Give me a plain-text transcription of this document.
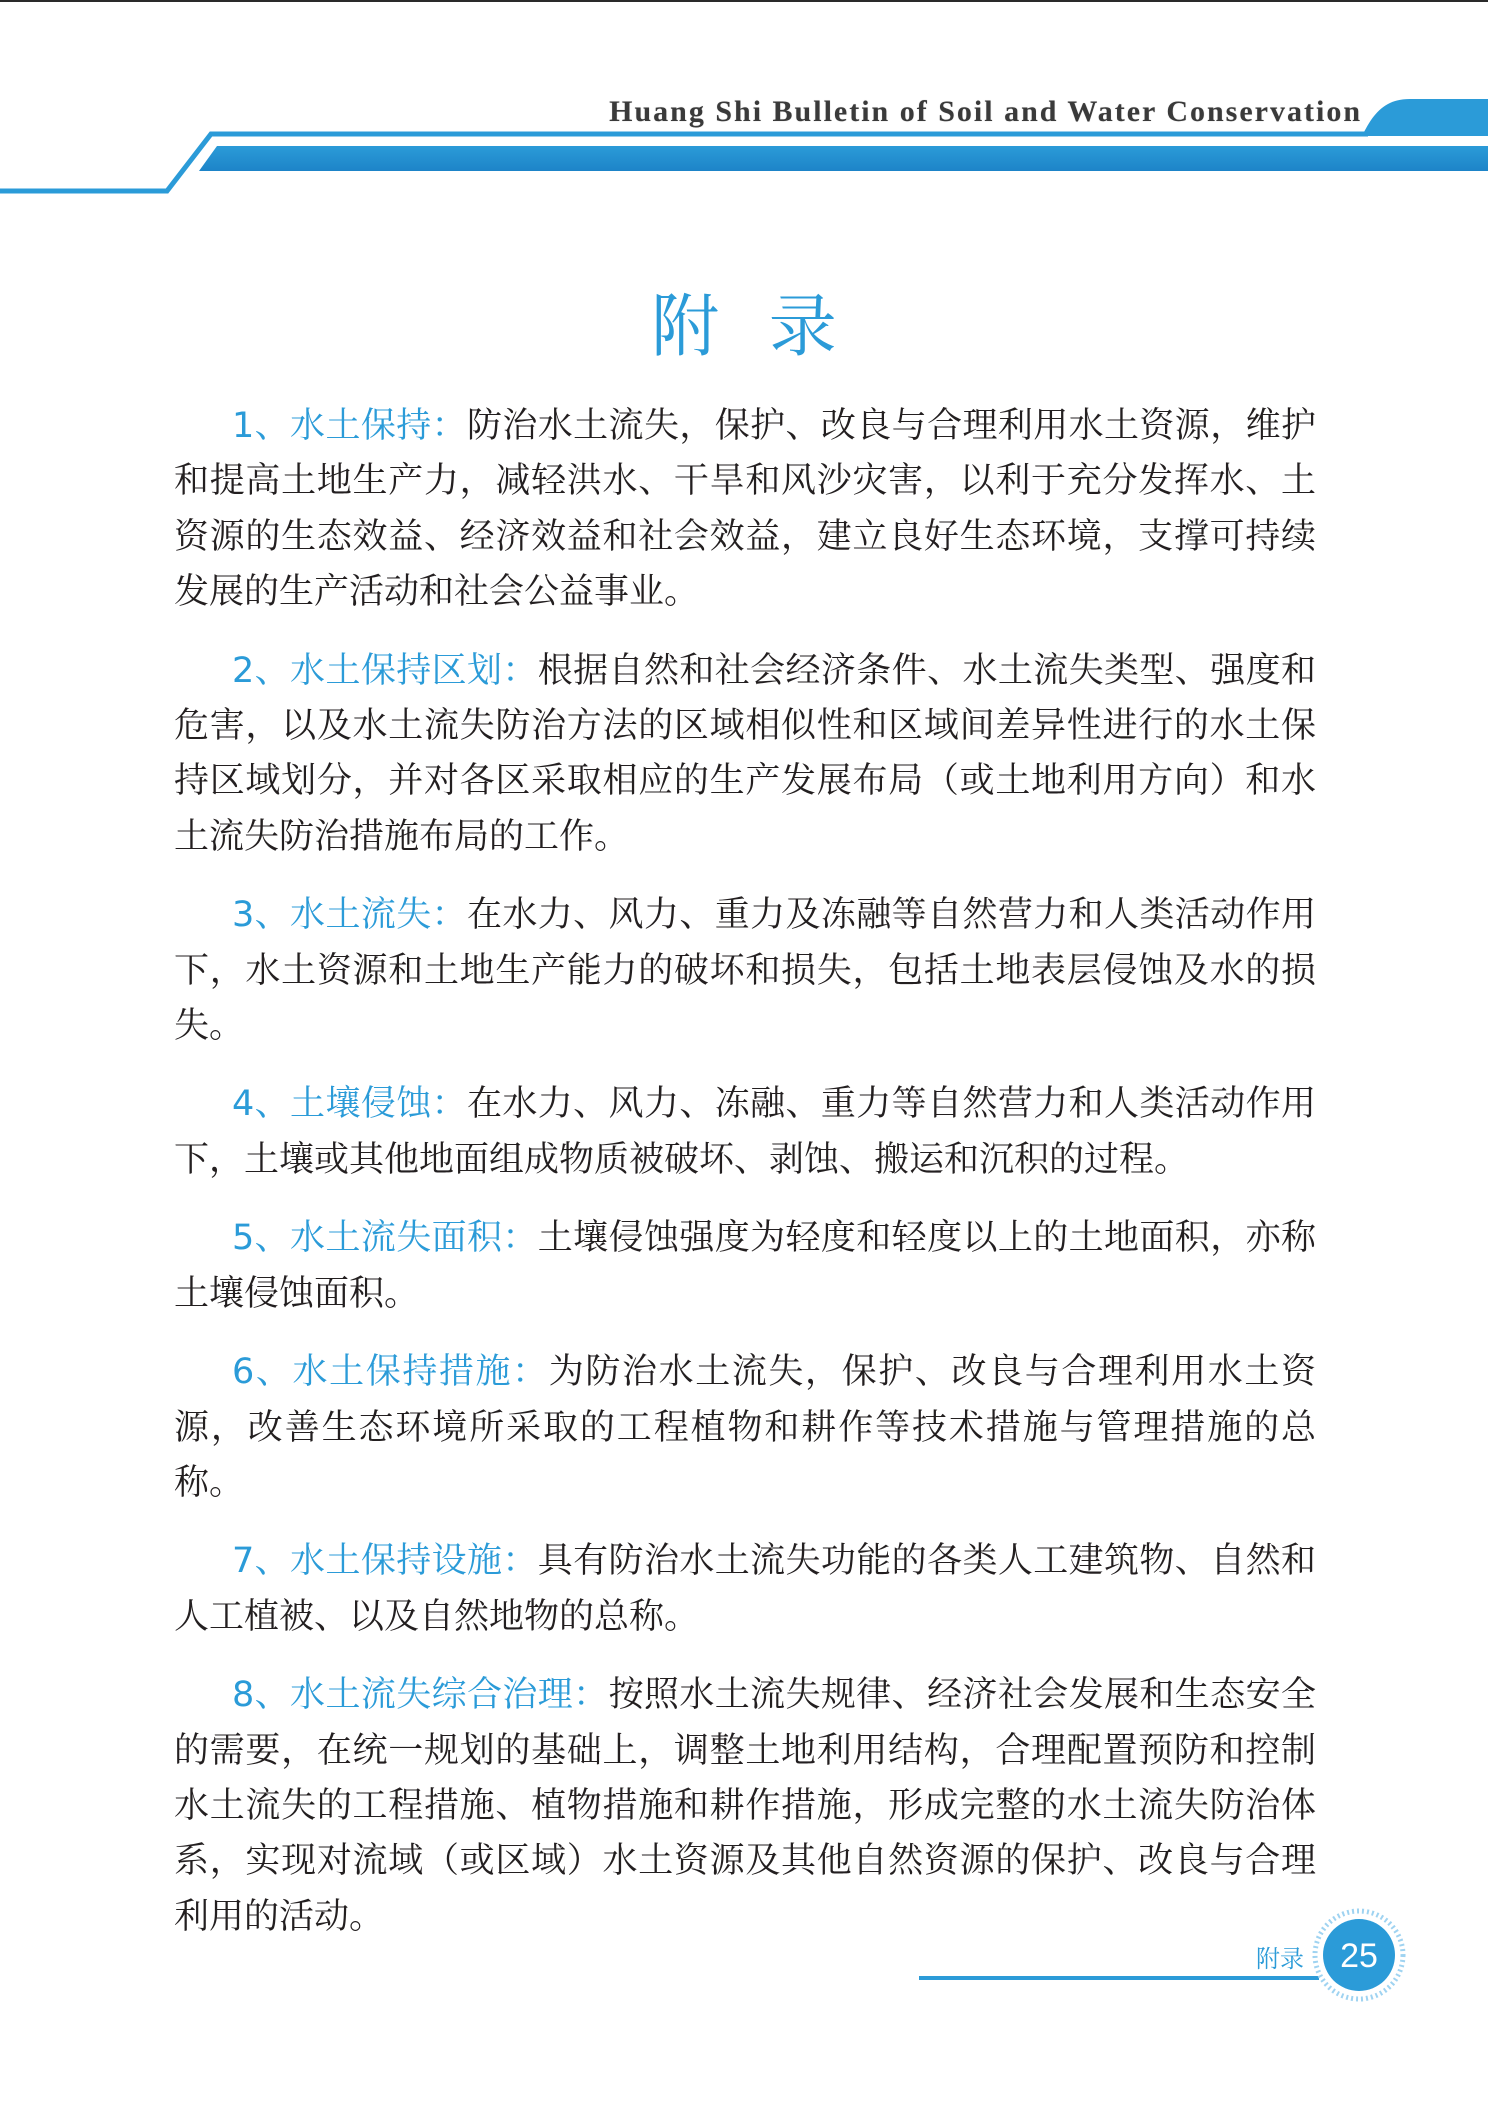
Huang Shi Bulletin of Soil and Water Conservation
附 录

1、水土保持：防治水土流失，保护、改良与合理利用水土资源，维护和提高土地生产力，减轻洪水、干旱和风沙灾害，以利于充分发挥水、土资源的生态效益、经济效益和社会效益，建立良好生态环境，支撑可持续发展的生产活动和社会公益事业。

2、水土保持区划：根据自然和社会经济条件、水土流失类型、强度和危害，以及水土流失防治方法的区域相似性和区域间差异性进行的水土保持区域划分，并对各区采取相应的生产发展布局（或土地利用方向）和水土流失防治措施布局的工作。

3、水土流失：在水力、风力、重力及冻融等自然营力和人类活动作用下，水土资源和土地生产能力的破坏和损失，包括土地表层侵蚀及水的损失。

4、土壤侵蚀：在水力、风力、冻融、重力等自然营力和人类活动作用下，土壤或其他地面组成物质被破坏、剥蚀、搬运和沉积的过程。

5、水土流失面积：土壤侵蚀强度为轻度和轻度以上的土地面积，亦称土壤侵蚀面积。

6、水土保持措施：为防治水土流失，保护、改良与合理利用水土资源，改善生态环境所采取的工程植物和耕作等技术措施与管理措施的总称。

7、水土保持设施：具有防治水土流失功能的各类人工建筑物、自然和人工植被、以及自然地物的总称。

8、水土流失综合治理：按照水土流失规律、经济社会发展和生态安全的需要，在统一规划的基础上，调整土地利用结构，合理配置预防和控制水土流失的工程措施、植物措施和耕作措施，形成完整的水土流失防治体系，实现对流域（或区域）水土资源及其他自然资源的保护、改良与合理利用的活动。

附录 25
